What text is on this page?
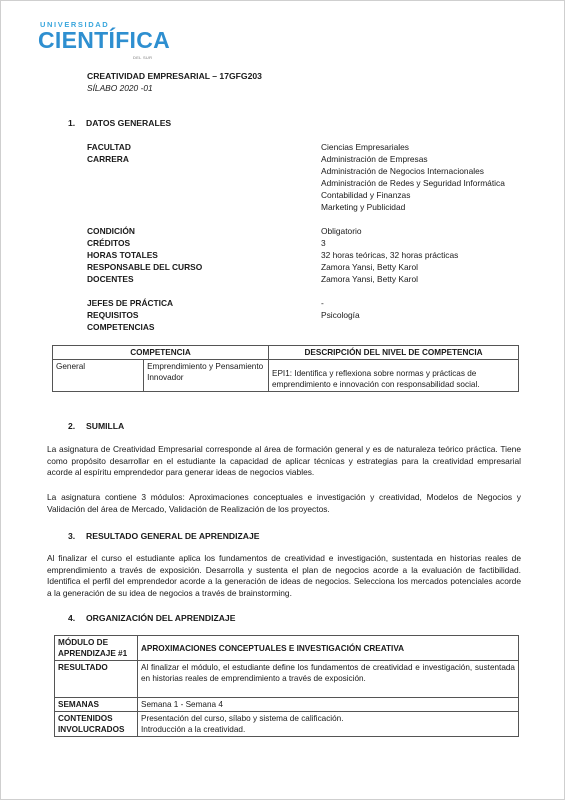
UNIVERSIDAD
CIENTÍFICA
DEL SUR
CREATIVIDAD EMPRESARIAL – 17GFG203
SÍLABO 2020 -01
1. DATOS GENERALES
FACULTAD	Ciencias Empresariales
CARRERA	Administración de Empresas
Administración de Negocios Internacionales
Administración de Redes y Seguridad Informática
Contabilidad y Finanzas
Marketing y Publicidad
CONDICIÓN	Obligatorio
CRÉDITOS	3
HORAS TOTALES	32 horas teóricas, 32 horas prácticas
RESPONSABLE DEL CURSO	Zamora Yansi, Betty Karol
DOCENTES	Zamora Yansi, Betty Karol
JEFES DE PRÁCTICA	-
REQUISITOS	Psicología
COMPETENCIAS
COMPETENCIA		DESCRIPCIÓN DEL NIVEL DE COMPETENCIA
General	Emprendimiento y Pensamiento Innovador	EPI1: Identifica y reflexiona sobre normas y prácticas de emprendimiento e innovación con responsabilidad social.
2. SUMILLA
La asignatura de Creatividad Empresarial corresponde al área de formación general y es de naturaleza teórico práctica. Tiene como propósito desarrollar en el estudiante la capacidad de aplicar técnicas y estrategias para la creatividad empresarial acorde al espíritu emprendedor para generar ideas de negocios viables.
La asignatura contiene 3 módulos: Aproximaciones conceptuales e investigación y creatividad, Modelos de Negocios y Validación del área de Mercado, Validación de Realización de los proyectos.
3. RESULTADO GENERAL DE APRENDIZAJE
Al finalizar el curso el estudiante aplica los fundamentos de creatividad e investigación, sustentada en historias reales de emprendimiento a través de exposición. Desarrolla y sustenta el plan de negocios acorde a la evaluación de factibilidad. Identifica el perfil del emprendedor acorde a la generación de ideas de negocios. Selecciona los mercados potenciales acorde a la generación de su idea de negocios a través de brainstorming.
4. ORGANIZACIÓN DEL APRENDIZAJE
MÓDULO DE APRENDIZAJE #1	APROXIMACIONES CONCEPTUALES E INVESTIGACIÓN CREATIVA
RESULTADO	Al finalizar el módulo, el estudiante define los fundamentos de creatividad e investigación, sustentada en historias reales de emprendimiento a través de exposición.
SEMANAS	Semana 1 - Semana 4
CONTENIDOS INVOLUCRADOS	Presentación del curso, sílabo y sistema de calificación.
Introducción a la creatividad.
